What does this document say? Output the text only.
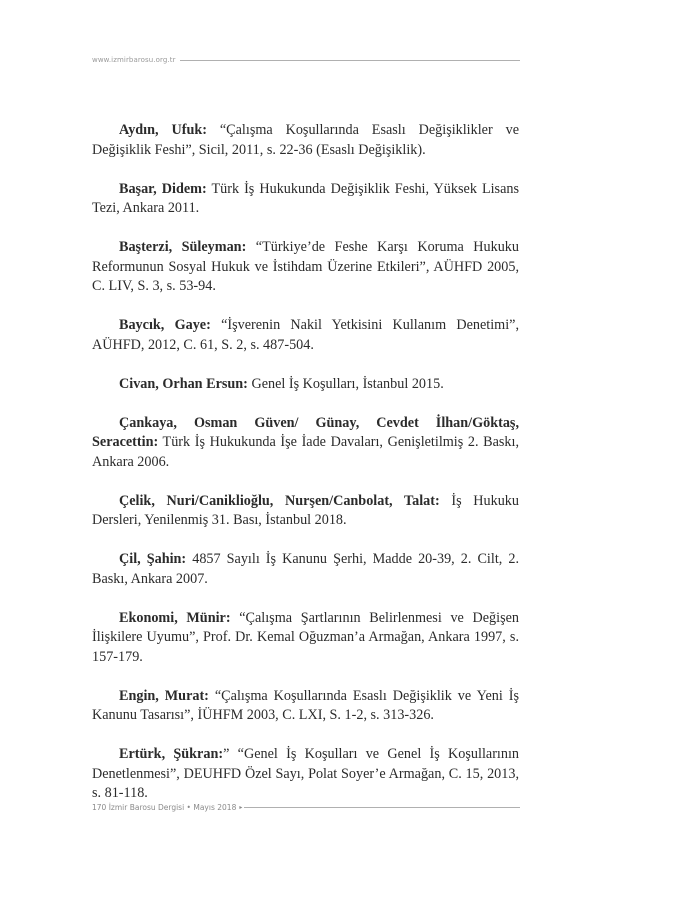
www.izmirbarosu.org.tr

Aydın, Ufuk: “Çalışma Koşullarında Esaslı Değişiklikler ve Değişiklik Feshi”, Sicil, 2011, s. 22-36 (Esaslı Değişiklik).

Başar, Didem: Türk İş Hukukunda Değişiklik Feshi, Yüksek Lisans Tezi, Ankara 2011.

Başterzi, Süleyman: “Türkiye’de Feshe Karşı Koruma Hukuku Reformunun Sosyal Hukuk ve İstihdam Üzerine Etkileri”, AÜHFD 2005, C. LIV, S. 3, s. 53-94.

Baycık, Gaye: “İşverenin Nakil Yetkisini Kullanım Denetimi”, AÜHFD, 2012, C. 61, S. 2, s. 487-504.

Civan, Orhan Ersun: Genel İş Koşulları, İstanbul 2015.

Çankaya, Osman Güven/ Günay, Cevdet İlhan/Göktaş, Seracettin: Türk İş Hukukunda İşe İade Davaları, Genişletilmiş 2. Baskı, Ankara 2006.

Çelik, Nuri/Caniklioğlu, Nurşen/Canbolat, Talat: İş Hukuku Dersleri, Yenilenmiş 31. Bası, İstanbul 2018.

Çil, Şahin: 4857 Sayılı İş Kanunu Şerhi, Madde 20-39, 2. Cilt, 2. Baskı, Ankara 2007.

Ekonomi, Münir: “Çalışma Şartlarının Belirlenmesi ve Değişen İlişkilere Uyumu”, Prof. Dr. Kemal Oğuzman’a Armağan, Ankara 1997, s. 157-179.

Engin, Murat: “Çalışma Koşullarında Esaslı Değişiklik ve Yeni İş Kanunu Tasarısı”, İÜHFM 2003, C. LXI, S. 1-2, s. 313-326.

Ertürk, Şükran:” “Genel İş Koşulları ve Genel İş Koşullarının Denetlenmesi”, DEUHFD Özel Sayı, Polat Soyer’e Armağan, C. 15, 2013, s. 81-118.

170 İzmir Barosu Dergisi • Mayıs 2018 ▸
